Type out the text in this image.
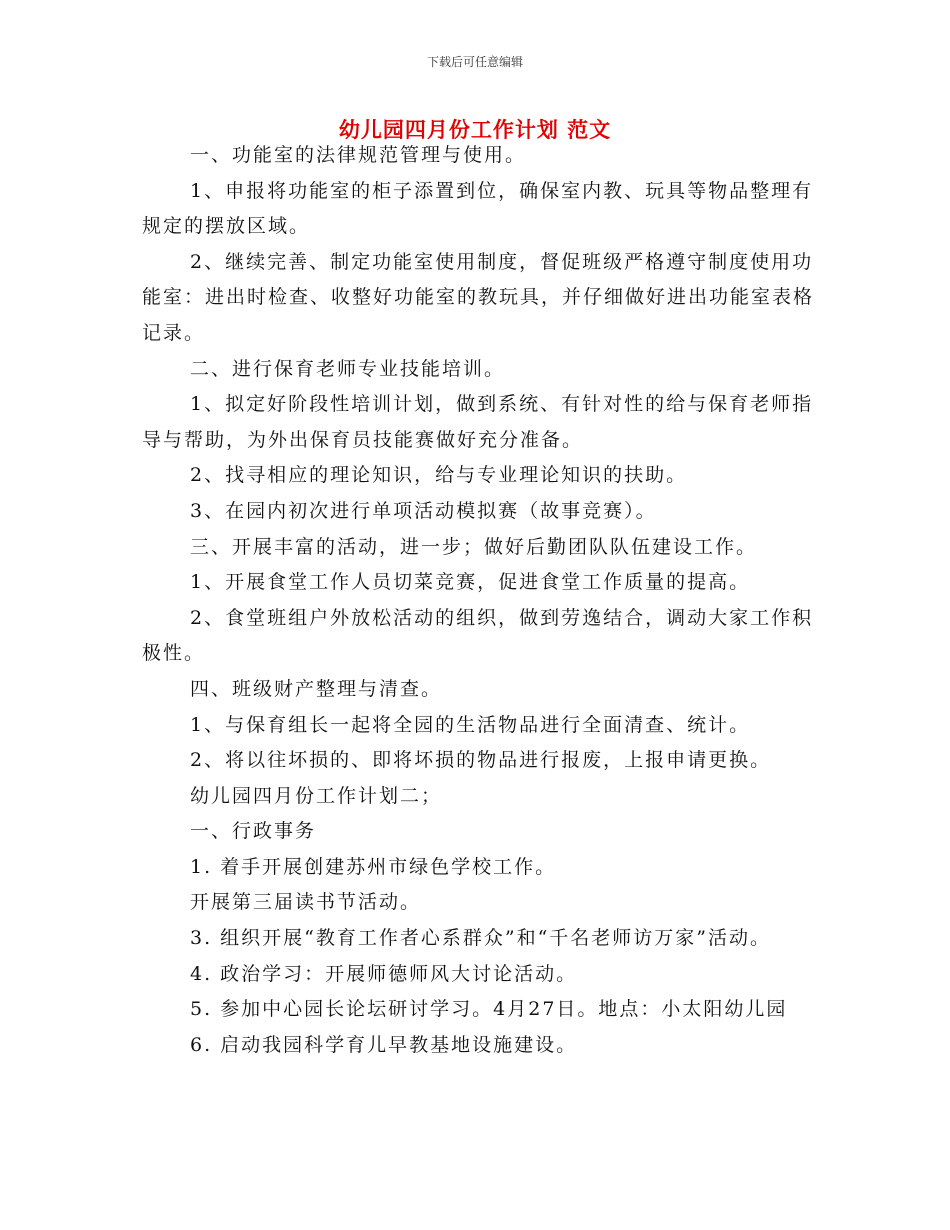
下载后可任意编辑
幼儿园四月份工作计划 范文

一、功能室的法律规范管理与使用。

1、申报将功能室的柜子添置到位，确保室内教、玩具等物品整理有规定的摆放区域。

2、继续完善、制定功能室使用制度，督促班级严格遵守制度使用功能室：进出时检查、收整好功能室的教玩具，并仔细做好进出功能室表格记录。

二、进行保育老师专业技能培训。

1、拟定好阶段性培训计划，做到系统、有针对性的给与保育老师指导与帮助，为外出保育员技能赛做好充分准备。

2、找寻相应的理论知识，给与专业理论知识的扶助。

3、在园内初次进行单项活动模拟赛（故事竞赛）。

三、开展丰富的活动，进一步；做好后勤团队队伍建设工作。

1、开展食堂工作人员切菜竞赛，促进食堂工作质量的提高。

2、食堂班组户外放松活动的组织，做到劳逸结合，调动大家工作积极性。

四、班级财产整理与清查。

1、与保育组长一起将全园的生活物品进行全面清查、统计。

2、将以往坏损的、即将坏损的物品进行报废，上报申请更换。

幼儿园四月份工作计划二；

一、行政事务

1. 着手开展创建苏州市绿色学校工作。

开展第三届读书节活动。

3. 组织开展“教育工作者心系群众”和“千名老师访万家”活动。

4. 政治学习：开展师德师风大讨论活动。

5. 参加中心园长论坛研讨学习。4月27日。地点：小太阳幼儿园

6. 启动我园科学育儿早教基地设施建设。
